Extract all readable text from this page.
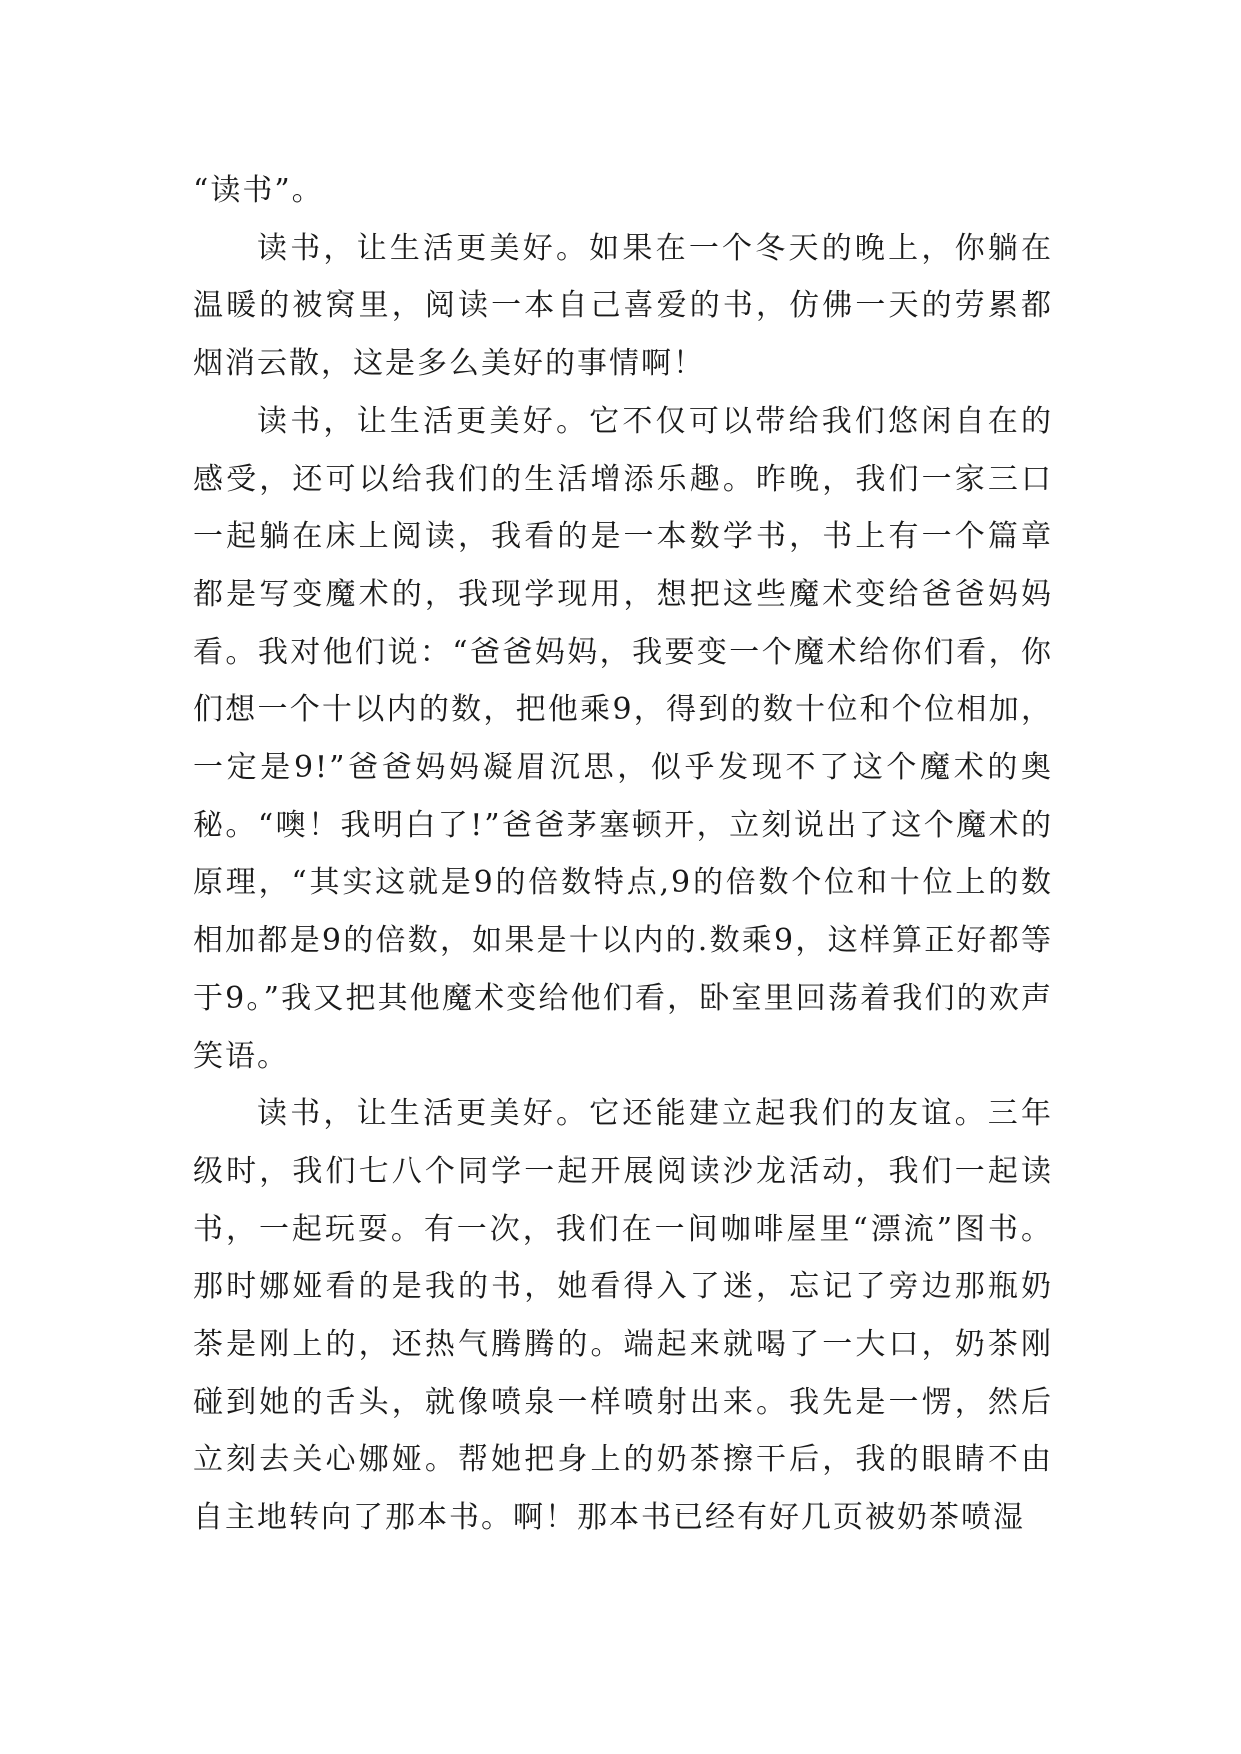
“读书”。

读书，让生活更美好。如果在一个冬天的晚上，你躺在温暖的被窝里，阅读一本自己喜爱的书，仿佛一天的劳累都烟消云散，这是多么美好的事情啊！

读书，让生活更美好。它不仅可以带给我们悠闲自在的感受，还可以给我们的生活增添乐趣。昨晚，我们一家三口一起躺在床上阅读，我看的是一本数学书，书上有一个篇章都是写变魔术的，我现学现用，想把这些魔术变给爸爸妈妈看。我对他们说：“爸爸妈妈，我要变一个魔术给你们看，你们想一个十以内的数，把他乘9，得到的数十位和个位相加，一定是9!”爸爸妈妈凝眉沉思，似乎发现不了这个魔术的奥秘。“噢！我明白了!”爸爸茅塞顿开，立刻说出了这个魔术的原理，“其实这就是9的倍数特点,9的倍数个位和十位上的数相加都是9的倍数，如果是十以内的.数乘9，这样算正好都等于9。”我又把其他魔术变给他们看，卧室里回荡着我们的欢声笑语。

读书，让生活更美好。它还能建立起我们的友谊。三年级时，我们七八个同学一起开展阅读沙龙活动，我们一起读书，一起玩耍。有一次，我们在一间咖啡屋里“漂流”图书。那时娜娅看的是我的书，她看得入了迷，忘记了旁边那瓶奶茶是刚上的，还热气腾腾的。端起来就喝了一大口，奶茶刚碰到她的舌头，就像喷泉一样喷射出来。我先是一愣，然后立刻去关心娜娅。帮她把身上的奶茶擦干后，我的眼睛不由自主地转向了那本书。啊！那本书已经有好几页被奶茶喷湿
